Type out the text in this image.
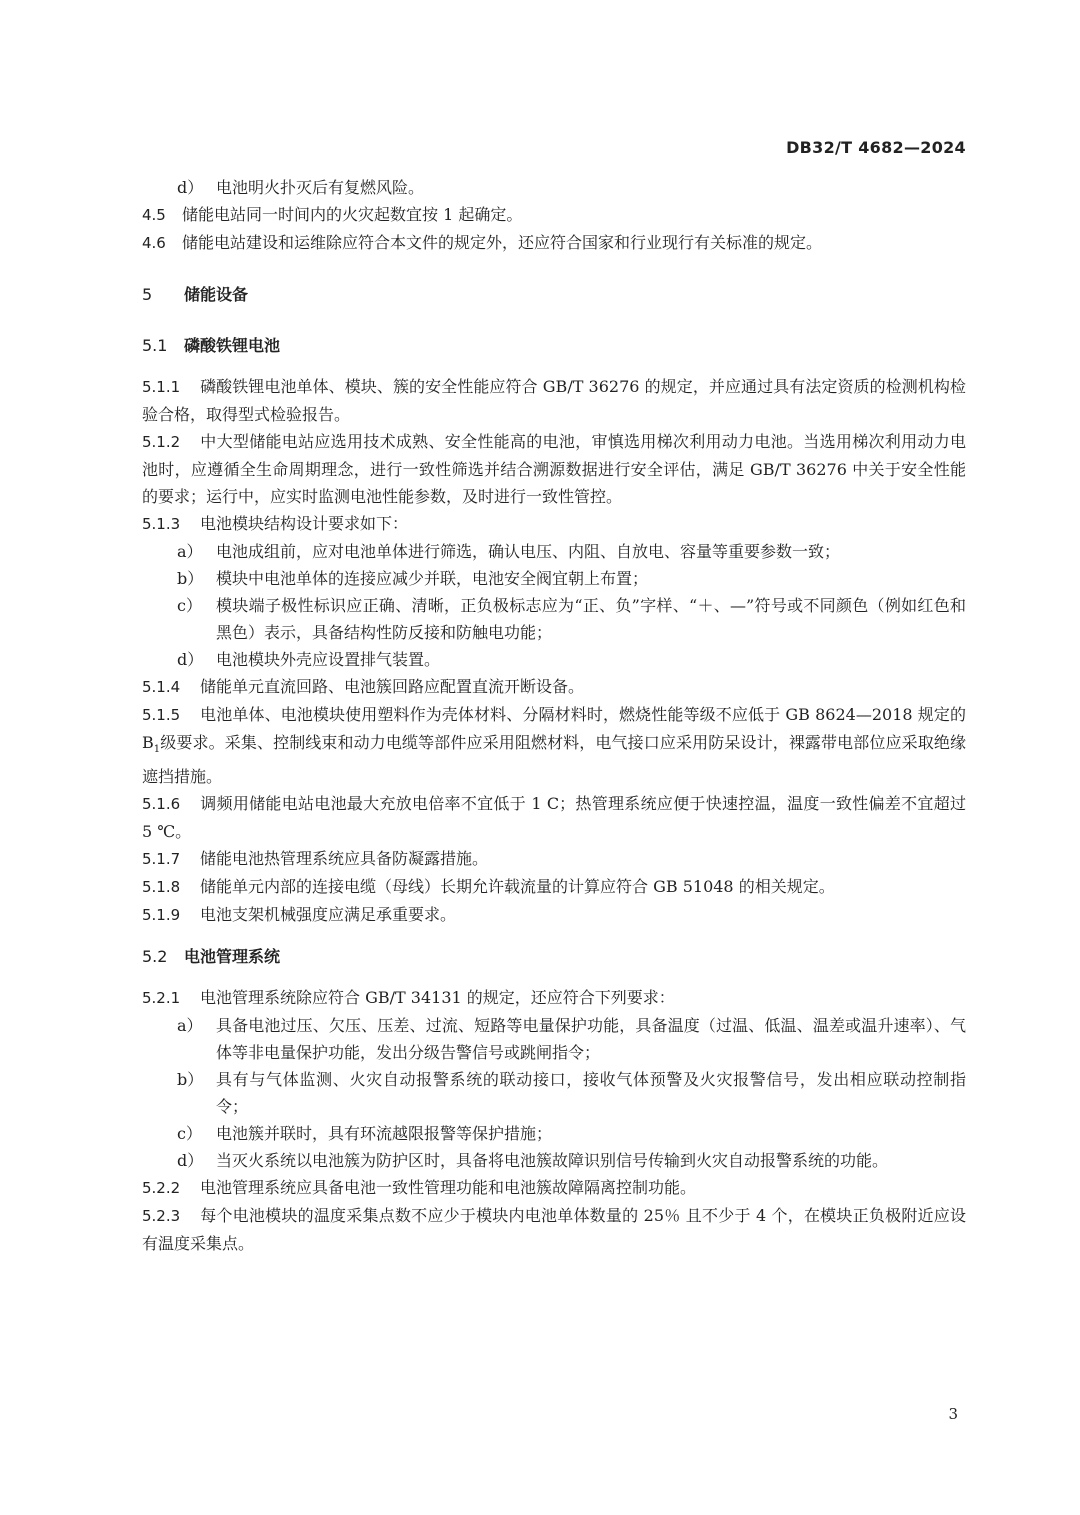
DB32/T 4682—2024

d） 电池明火扑灭后有复燃风险。

4.5 储能电站同一时间内的火灾起数宜按 1 起确定。

4.6 储能电站建设和运维除应符合本文件的规定外，还应符合国家和行业现行有关标准的规定。

5 储能设备
5.1 磷酸铁锂电池

5.1.1 磷酸铁锂电池单体、模块、簇的安全性能应符合 GB/T 36276 的规定，并应通过具有法定资质的检测机构检验合格，取得型式检验报告。

5.1.2 中大型储能电站应选用技术成熟、安全性能高的电池，审慎选用梯次利用动力电池。当选用梯次利用动力电池时，应遵循全生命周期理念，进行一致性筛选并结合溯源数据进行安全评估，满足 GB/T 36276 中关于安全性能的要求；运行中，应实时监测电池性能参数，及时进行一致性管控。

5.1.3 电池模块结构设计要求如下：

a） 电池成组前，应对电池单体进行筛选，确认电压、内阻、自放电、容量等重要参数一致；

b） 模块中电池单体的连接应减少并联，电池安全阀宜朝上布置；

c） 模块端子极性标识应正确、清晰，正负极标志应为“正、负”字样、“＋、—”符号或不同颜色（例如红色和黑色）表示，具备结构性防反接和防触电功能；

d） 电池模块外壳应设置排气装置。

5.1.4 储能单元直流回路、电池簇回路应配置直流开断设备。

5.1.5 电池单体、电池模块使用塑料作为壳体材料、分隔材料时，燃烧性能等级不应低于 GB 8624—2018 规定的 $B_1$级要求。采集、控制线束和动力电缆等部件应采用阻燃材料，电气接口应采用防呆设计，裸露带电部位应采取绝缘遮挡措施。

5.1.6 调频用储能电站电池最大充放电倍率不宜低于 1 C；热管理系统应便于快速控温，温度一致性偏差不宜超过 5 ℃。

5.1.7 储能电池热管理系统应具备防凝露措施。

5.1.8 储能单元内部的连接电缆（母线）长期允许载流量的计算应符合 GB 51048 的相关规定。

5.1.9 电池支架机械强度应满足承重要求。

5.2 电池管理系统

5.2.1 电池管理系统除应符合 GB/T 34131 的规定，还应符合下列要求：

a） 具备电池过压、欠压、压差、过流、短路等电量保护功能，具备温度（过温、低温、温差或温升速率）、气体等非电量保护功能，发出分级告警信号或跳闸指令；

b） 具有与气体监测、火灾自动报警系统的联动接口，接收气体预警及火灾报警信号，发出相应联动控制指令；

c） 电池簇并联时，具有环流越限报警等保护措施；

d） 当灭火系统以电池簇为防护区时，具备将电池簇故障识别信号传输到火灾自动报警系统的功能。

5.2.2 电池管理系统应具备电池一致性管理功能和电池簇故障隔离控制功能。

5.2.3 每个电池模块的温度采集点数不应少于模块内电池单体数量的 25％ 且不少于 4 个，在模块正负极附近应设有温度采集点。

3
